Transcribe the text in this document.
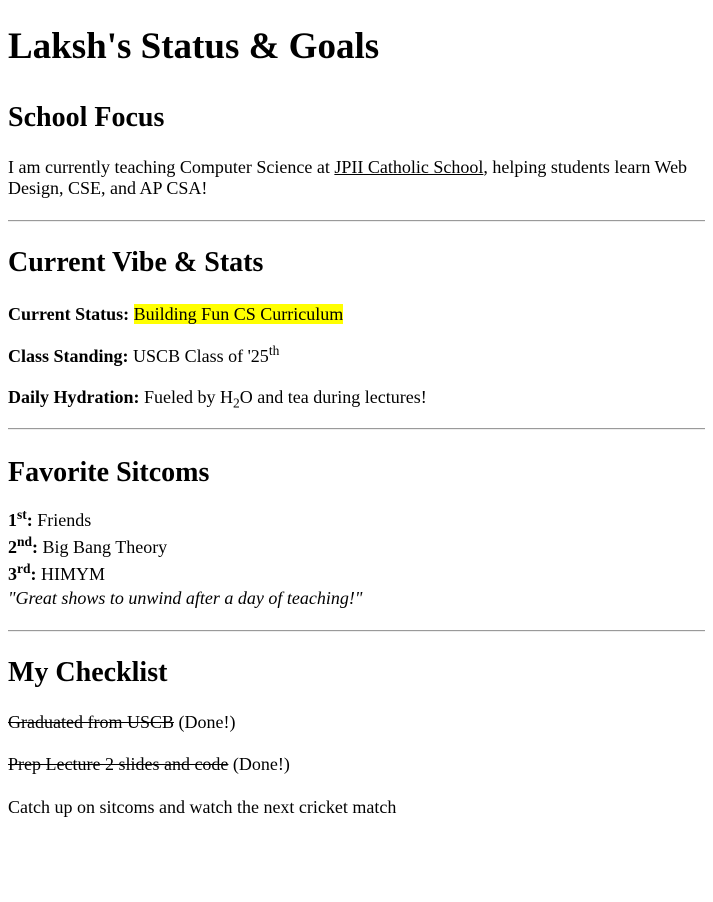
Laksh's Status & Goals
School Focus

I am currently teaching Computer Science at JPII Catholic School, helping students learn Web Design, CSE, and AP CSA!

Current Vibe & Stats

Current Status: Building Fun CS Curriculum

Class Standing: USCB Class of '25th

Daily Hydration: Fueled by $H_2O$ and tea during lectures!

Favorite Sitcoms
1st: Friends
2nd: Big Bang Theory
3rd: HIMYM
"Great shows to unwind after a day of teaching!"
My Checklist

Graduated from USCB (Done!)

Prep Lecture 2 slides and code (Done!)

Catch up on sitcoms and watch the next cricket match
